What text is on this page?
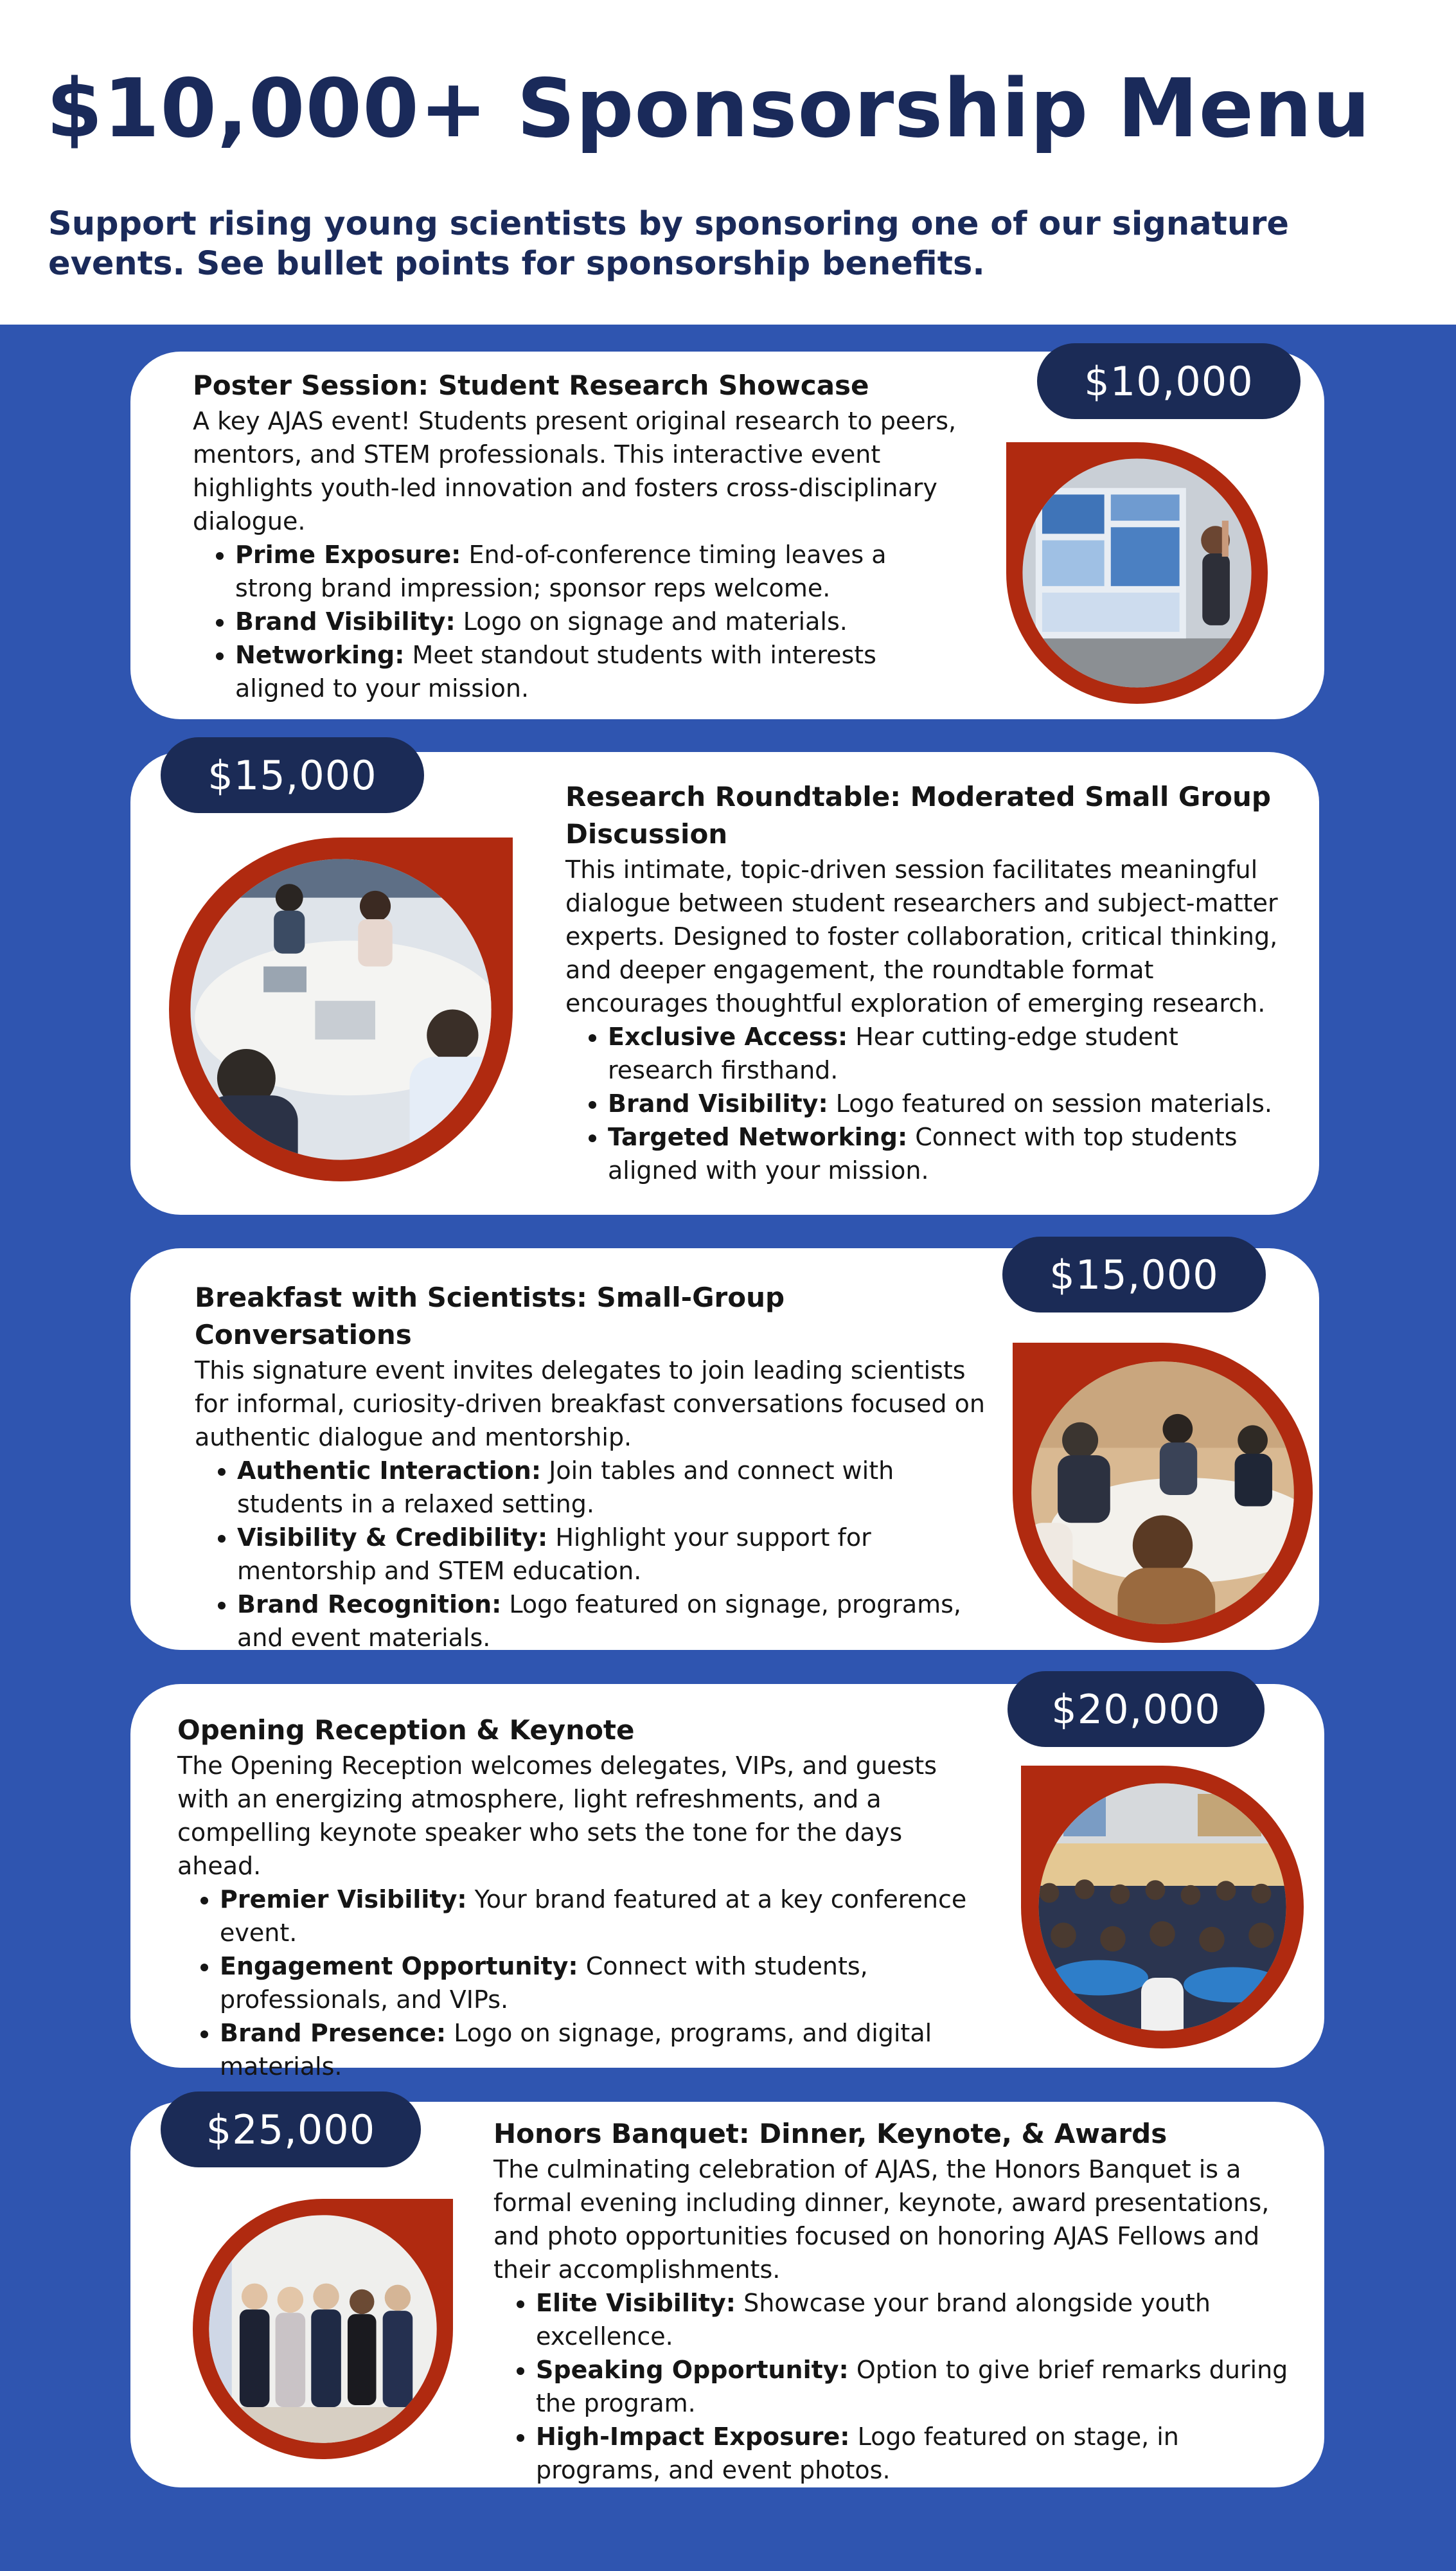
$10,000+ Sponsorship Menu

Support rising young scientists by sponsoring one of our signature events. See bullet points for sponsorship benefits.

$10,000
Poster Session: Student Research Showcase

A key AJAS event! Students present original research to peers, mentors, and STEM professionals. This interactive event highlights youth-led innovation and fosters cross-disciplinary dialogue.

• Prime Exposure: End-of-conference timing leaves a strong brand impression; sponsor reps welcome.
• Brand Visibility: Logo on signage and materials.
• Networking: Meet standout students with interests aligned to your mission.
$15,000	Research Roundtable: Moderated Small Group Discussion

This intimate, topic-driven session facilitates meaningful dialogue between student researchers and subject-matter experts. Designed to foster collaboration, critical thinking, and deeper engagement, the roundtable format encourages thoughtful exploration of emerging research.

• Exclusive Access: Hear cutting-edge student research firsthand.
• Brand Visibility: Logo featured on session materials.
• Targeted Networking: Connect with top students aligned with your mission.
$15,000
Breakfast with Scientists: Small-Group Conversations

This signature event invites delegates to join leading scientists for informal, curiosity-driven breakfast conversations focused on authentic dialogue and mentorship.

• Authentic Interaction: Join tables and connect with students in a relaxed setting.
• Visibility & Credibility: Highlight your support for mentorship and STEM education.
• Brand Recognition: Logo featured on signage, programs, and event materials.
$20,000
Opening Reception & Keynote

The Opening Reception welcomes delegates, VIPs, and guests with an energizing atmosphere, light refreshments, and a compelling keynote speaker who sets the tone for the days ahead.

• Premier Visibility: Your brand featured at a key conference event.
• Engagement Opportunity: Connect with students, professionals, and VIPs.
• Brand Presence: Logo on signage, programs, and digital materials.
$25,000	Honors Banquet: Dinner, Keynote, & Awards

The culminating celebration of AJAS, the Honors Banquet is a formal evening including dinner, keynote, award presentations, and photo opportunities focused on honoring AJAS Fellows and their accomplishments.

• Elite Visibility: Showcase your brand alongside youth excellence.
• Speaking Opportunity: Option to give brief remarks during the program.
• High-Impact Exposure: Logo featured on stage, in programs, and event photos.
